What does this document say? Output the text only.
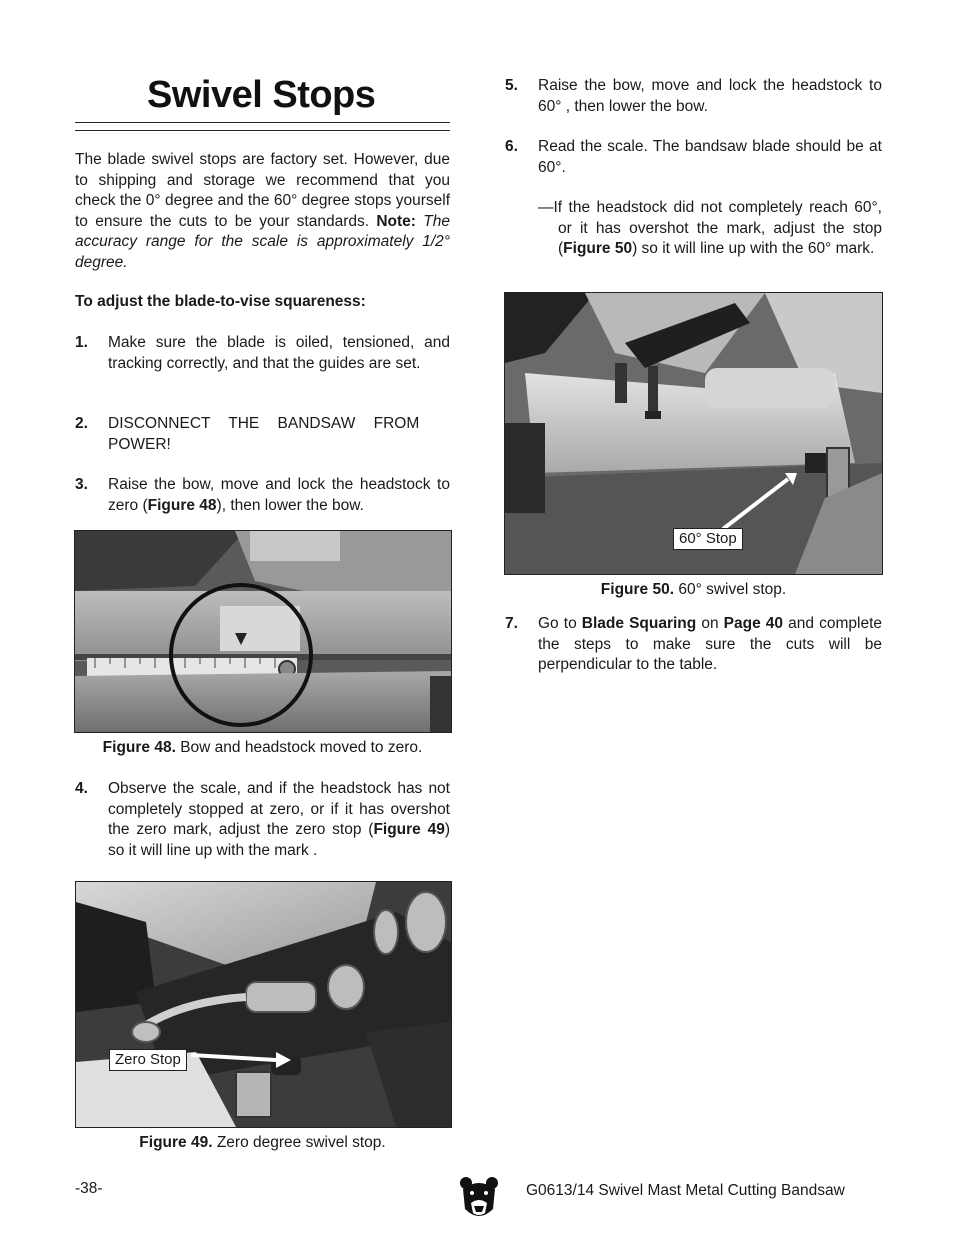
Swivel Stops

The blade swivel stops are factory set. However, due to shipping and storage we recommend that you check the 0° degree and the 60° degree stops yourself to ensure the cuts to be your standards. Note: The accuracy range for the scale is approximately 1/2° degree.

To adjust the blade-to-vise squareness:
1. Make sure the blade is oiled, tensioned, and tracking correctly, and that the guides are set.
2. DISCONNECT THE BANDSAW FROM POWER!
3. Raise the bow, move and lock the headstock to zero (Figure 48), then lower the bow.
Figure 48. Bow and headstock moved to zero.
4. Observe the scale, and if the headstock has not completely stopped at zero, or if it has overshot the zero mark, adjust the zero stop (Figure 49) so it will line up with the mark .
Zero Stop
Figure 49. Zero degree swivel stop.
5. Raise the bow, move and lock the headstock to 60° , then lower the bow.
6. Read the scale. The bandsaw blade should be at 60°.
—If the headstock did not completely reach 60°, or it has overshot the mark, adjust the stop (Figure 50) so it will line up with the 60° mark.
60° Stop
Figure 50. 60° swivel stop.
7. Go to Blade Squaring on Page 40 and complete the steps to make sure the cuts will be perpendicular to the table.
-38-	G0613/14 Swivel Mast Metal Cutting Bandsaw
